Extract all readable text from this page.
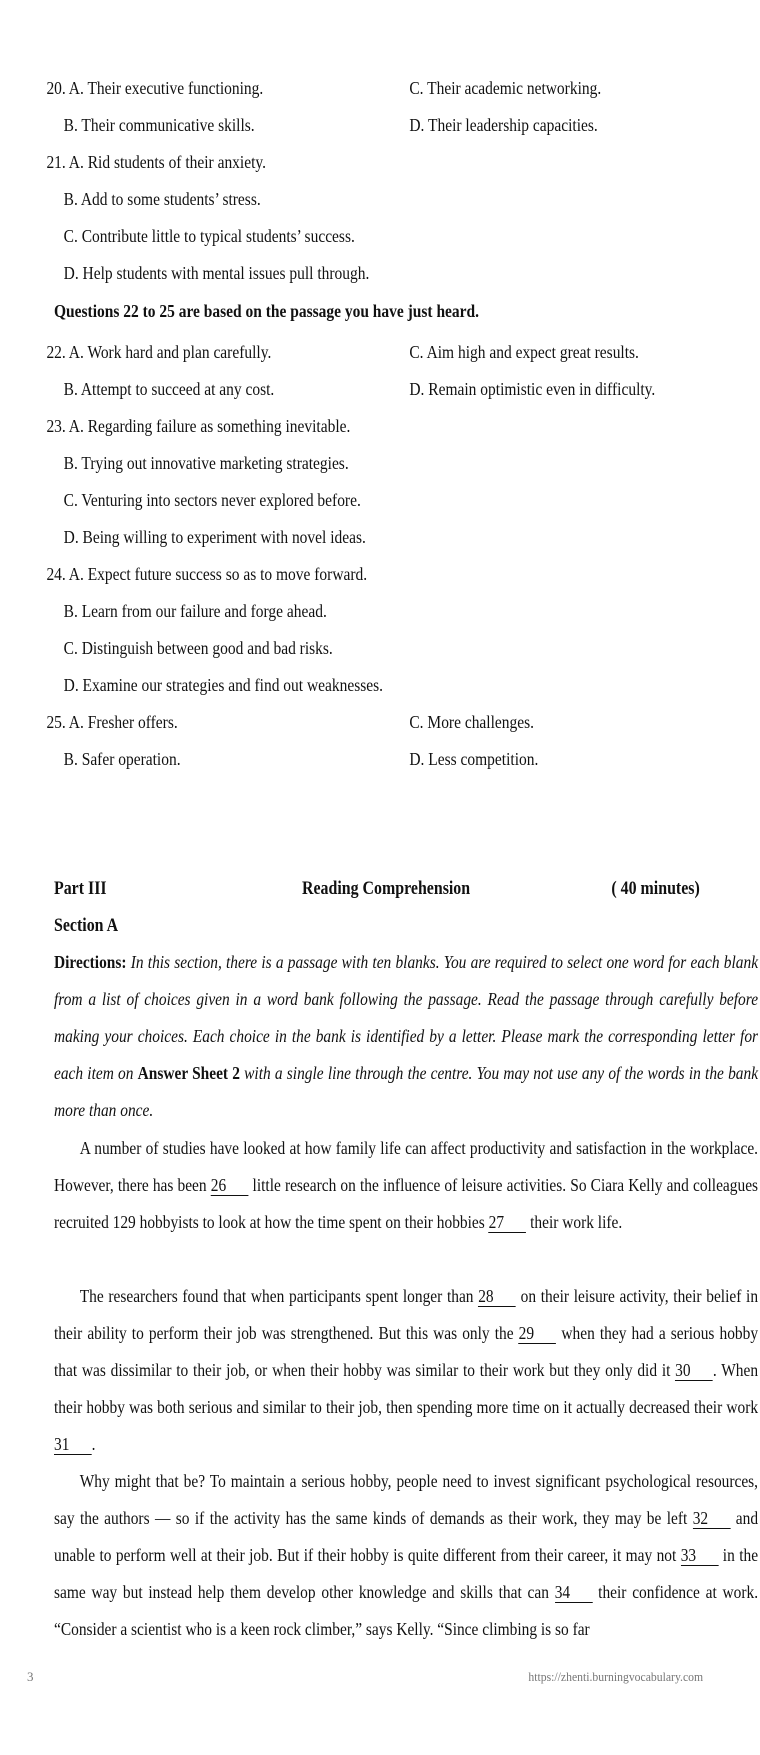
20. A. Their executive functioning.	C. Their academic networking.
B. Their communicative skills.	D. Their leadership capacities.
21. A. Rid students of their anxiety.
B. Add to some students’ stress.
C. Contribute little to typical students’ success.
D. Help students with mental issues pull through.
Questions 22 to 25 are based on the passage you have just heard.
22. A. Work hard and plan carefully.	C. Aim high and expect great results.
B. Attempt to succeed at any cost.	D. Remain optimistic even in difficulty.
23. A. Regarding failure as something inevitable.
B. Trying out innovative marketing strategies.
C. Venturing into sectors never explored before.
D. Being willing to experiment with novel ideas.
24. A. Expect future success so as to move forward.
B. Learn from our failure and forge ahead.
C. Distinguish between good and bad risks.
D. Examine our strategies and find out weaknesses.
25. A. Fresher offers.	C. More challenges.
B. Safer operation.	D. Less competition.
Part III	Reading Comprehension	( 40 minutes)
Section A
Directions: In this section, there is a passage with ten blanks. You are required to select one word for each blank from a list of choices given in a word bank following the passage. Read the passage through carefully before making your choices. Each choice in the bank is identified by a letter. Please mark the corresponding letter for each item on Answer Sheet 2 with a single line through the centre. You may not use any of the words in the bank more than once.
A number of studies have looked at how family life can affect productivity and satisfaction in the workplace. However, there has been 26 little research on the influence of leisure activities. So Ciara Kelly and colleagues recruited 129 hobbyists to look at how the time spent on their hobbies 27 their work life.
The researchers found that when participants spent longer than 28 on their leisure activity, their belief in their ability to perform their job was strengthened. But this was only the 29 when they had a serious hobby that was dissimilar to their job, or when their hobby was similar to their work but they only did it 30 . When their hobby was both serious and similar to their job, then spending more time on it actually decreased their work 31 .
Why might that be? To maintain a serious hobby, people need to invest significant psychological resources, say the authors — so if the activity has the same kinds of demands as their work, they may be left 32 and unable to perform well at their job. But if their hobby is quite different from their career, it may not 33 in the same way but instead help them develop other knowledge and skills that can 34 their confidence at work. “Consider a scientist who is a keen rock climber,” says Kelly. “Since climbing is so far
3	https://zhenti.burningvocabulary.com
